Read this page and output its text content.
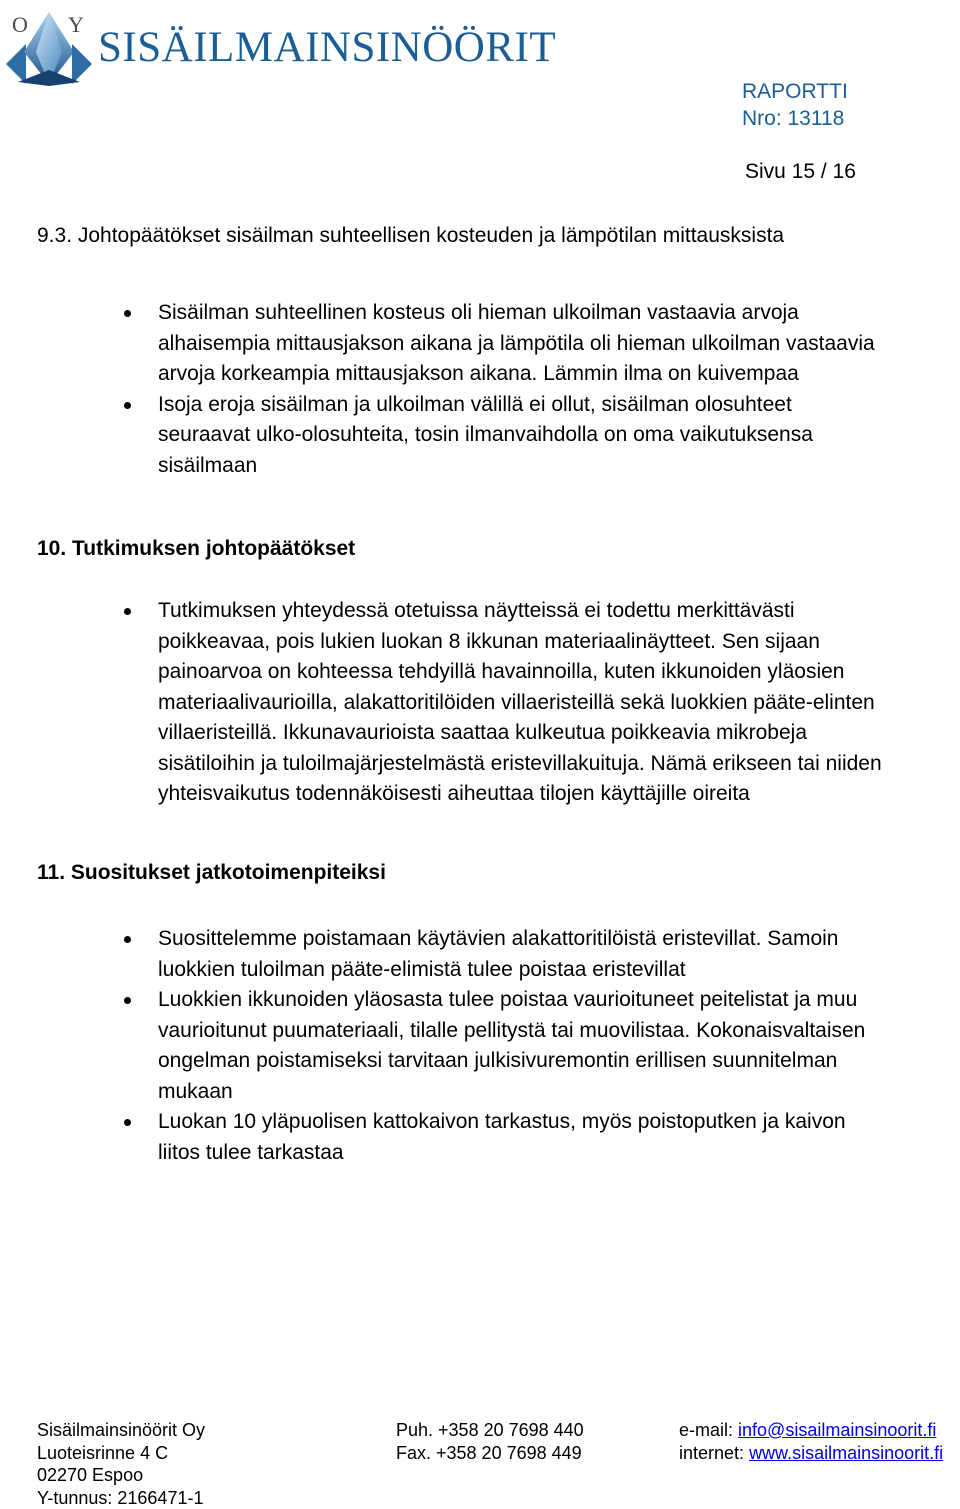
O Y SISÄILMAINSINÖÖRIT
RAPORTTI
Nro: 13118
Sivu 15 / 16
9.3. Johtopäätökset sisäilman suhteellisen kosteuden ja lämpötilan mittausksista
Sisäilman suhteellinen kosteus oli hieman ulkoilman vastaavia arvoja
alhaisempia mittausjakson aikana ja lämpötila oli hieman ulkoilman vastaavia
arvoja korkeampia mittausjakson aikana. Lämmin ilma on kuivempaa
Isoja eroja sisäilman ja ulkoilman välillä ei ollut, sisäilman olosuhteet
seuraavat ulko-olosuhteita, tosin ilmanvaihdolla on oma vaikutuksensa
sisäilmaan
10. Tutkimuksen johtopäätökset
Tutkimuksen yhteydessä otetuissa näytteissä ei todettu merkittävästi
poikkeavaa, pois lukien luokan 8 ikkunan materiaalinäytteet. Sen sijaan
painoarvoa on kohteessa tehdyillä havainnoilla, kuten ikkunoiden yläosien
materiaalivaurioilla, alakattoritilöiden villaeristeillä sekä luokkien pääte-elinten
villaeristeillä. Ikkunavaurioista saattaa kulkeutua poikkeavia mikrobeja
sisätiloihin ja tuloilmajärjestelmästä eristevillakuituja. Nämä erikseen tai niiden
yhteisvaikutus todennäköisesti aiheuttaa tilojen käyttäjille oireita
11. Suositukset jatkotoimenpiteiksi
Suosittelemme poistamaan käytävien alakattoritilöistä eristevillat. Samoin
luokkien tuloilman pääte-elimistä tulee poistaa eristevillat
Luokkien ikkunoiden yläosasta tulee poistaa vaurioituneet peitelistat ja muu
vaurioitunut puumateriaali, tilalle pellitystä tai muovilistaa. Kokonaisvaltaisen
ongelman poistamiseksi tarvitaan julkisivuremontin erillisen suunnitelman
mukaan
Luokan 10 yläpuolisen kattokaivon tarkastus, myös poistoputken ja kaivon
liitos tulee tarkastaa
Sisäilmainsinöörit Oy
Luoteisrinne 4 C
02270 Espoo
Y-tunnus: 2166471-1
Puh. +358 20 7698 440
Fax. +358 20 7698 449
e-mail: info@sisailmainsinoorit.fi
internet: www.sisailmainsinoorit.fi
